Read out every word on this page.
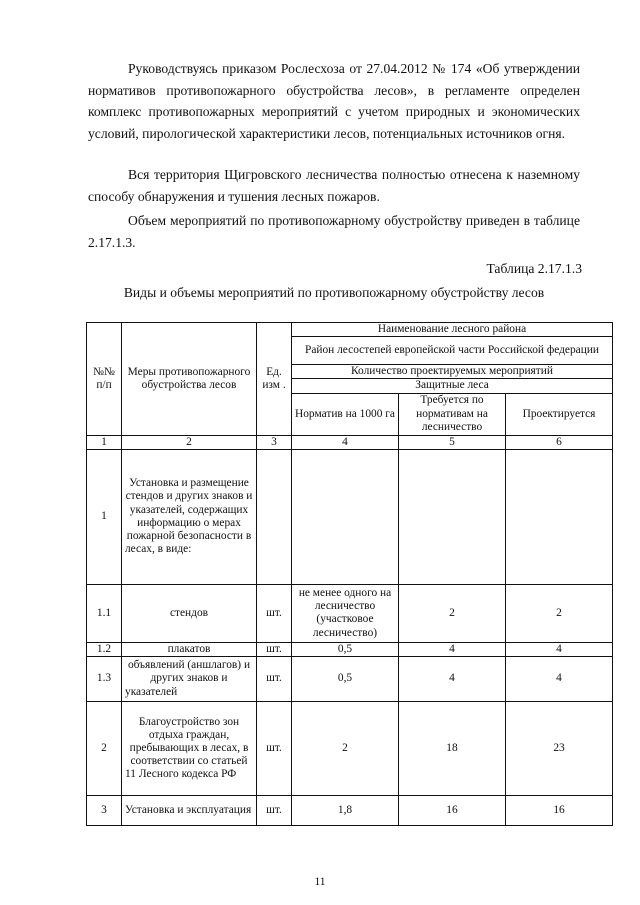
Руководствуясь приказом Рослесхоза от 27.04.2012 № 174 «Об утверждении нормативов противопожарного обустройства лесов», в регламенте определен комплекс противопожарных мероприятий с учетом природных и экономических условий, пирологической характеристики лесов, потенциальных источников огня.

Вся территория Щигровского лесничества полностью отнесена к наземному способу обнаружения и тушения лесных пожаров.

Объем мероприятий по противопожарному обустройству приведен в таблице 2.17.1.3.

Таблица 2.17.1.3

Виды и объемы мероприятий по противопожарному обустройству лесов

№№ п/п	Меры противопожарного обустройства лесов	Ед. изм .	Наименование лесного района		
			Район лесостепей европейской части Российской федерации		
			Количество проектируемых мероприятий		
			Защитные леса		
			Норматив на 1000 га	Требуется по нормативам на лесничество	Проектируется
1	2	3	4	5	6
1	Установка и размещение стендов и других знаков и указателей, содержащих информацию о мерах пожарной безопасности в лесах, в виде:				
1.1	стендов	шт.	не менее одного на лесничество (участковое лесничество)	2	2
1.2	плакатов	шт.	0,5	4	4
1.3	объявлений (аншлагов) и других знаков и указателей	шт.	0,5	4	4
2	Благоустройство зон отдыха граждан, пребывающих в лесах, в соответствии со статьей 11 Лесного кодекса РФ	шт.	2	18	23
3	Установка и эксплуатация	шт.	1,8	16	16

11
